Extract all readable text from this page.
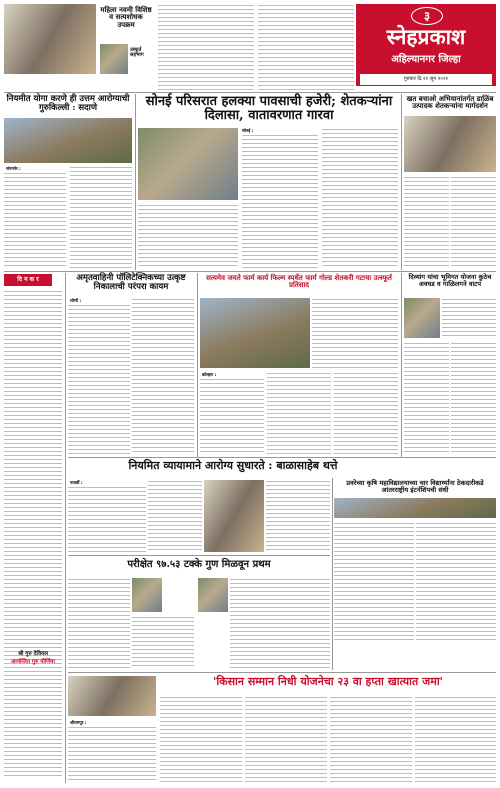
३
स्नेहप्रकाश
अहिल्यानगर जिल्हा
गुरुवार दि.२१ जून २०२१
महिला नवमी विशिष्ठ व सत्यशोधक उपक्रम
उस्फूर्त सहभाग
नियमीत योगा करणे ही उत्तम आरोग्याची गुरुकिल्ली : सदाणे
संगमनेर :
सोनई परिसरात हलक्या पावसाची हजेरी; शेतकऱ्यांना दिलासा, वातावरणात गारवा
सोनई :
खत बचाओ अभियानांतर्गत डाळिंब उत्पादक शेतकऱ्यांना मार्गदर्शन
दि न क र
श्री गुरु देवियल
आयोजित गुरु पौर्णिमा
अमृतवाहिनी पॉलिटेक्निकच्या उत्कृष्ट निकालाची परंपरा कायम
लोणी :
सत्यमेव जयते फार्म कार्य फिल्म स्पर्धेत फार्म गोल्ड शेतकरी गटाचा उत्स्फूर्त प्रतिसाद
कोल्हार :
दिव्यांग यांचा भूमिगत योजना कुठेच अवघड व गाळिलगने वाटप
नियमित व्यायामाने आरोग्य सुधारते : बाळासाहेब थत्ते
पाथर्डी :	प्रवरेच्या कृषि महाविद्यालयाच्या चार विद्यार्थ्यांना ठेकदारीकडे आंतरराष्ट्रीय इंटर्नशिपची संधी
परीक्षेत ९७.५३ टक्के गुण मिळवून प्रथम
'किसान सम्मान निधी योजनेचा २३ वा हप्ता खात्यात जमा'
श्रीरामपूर :
